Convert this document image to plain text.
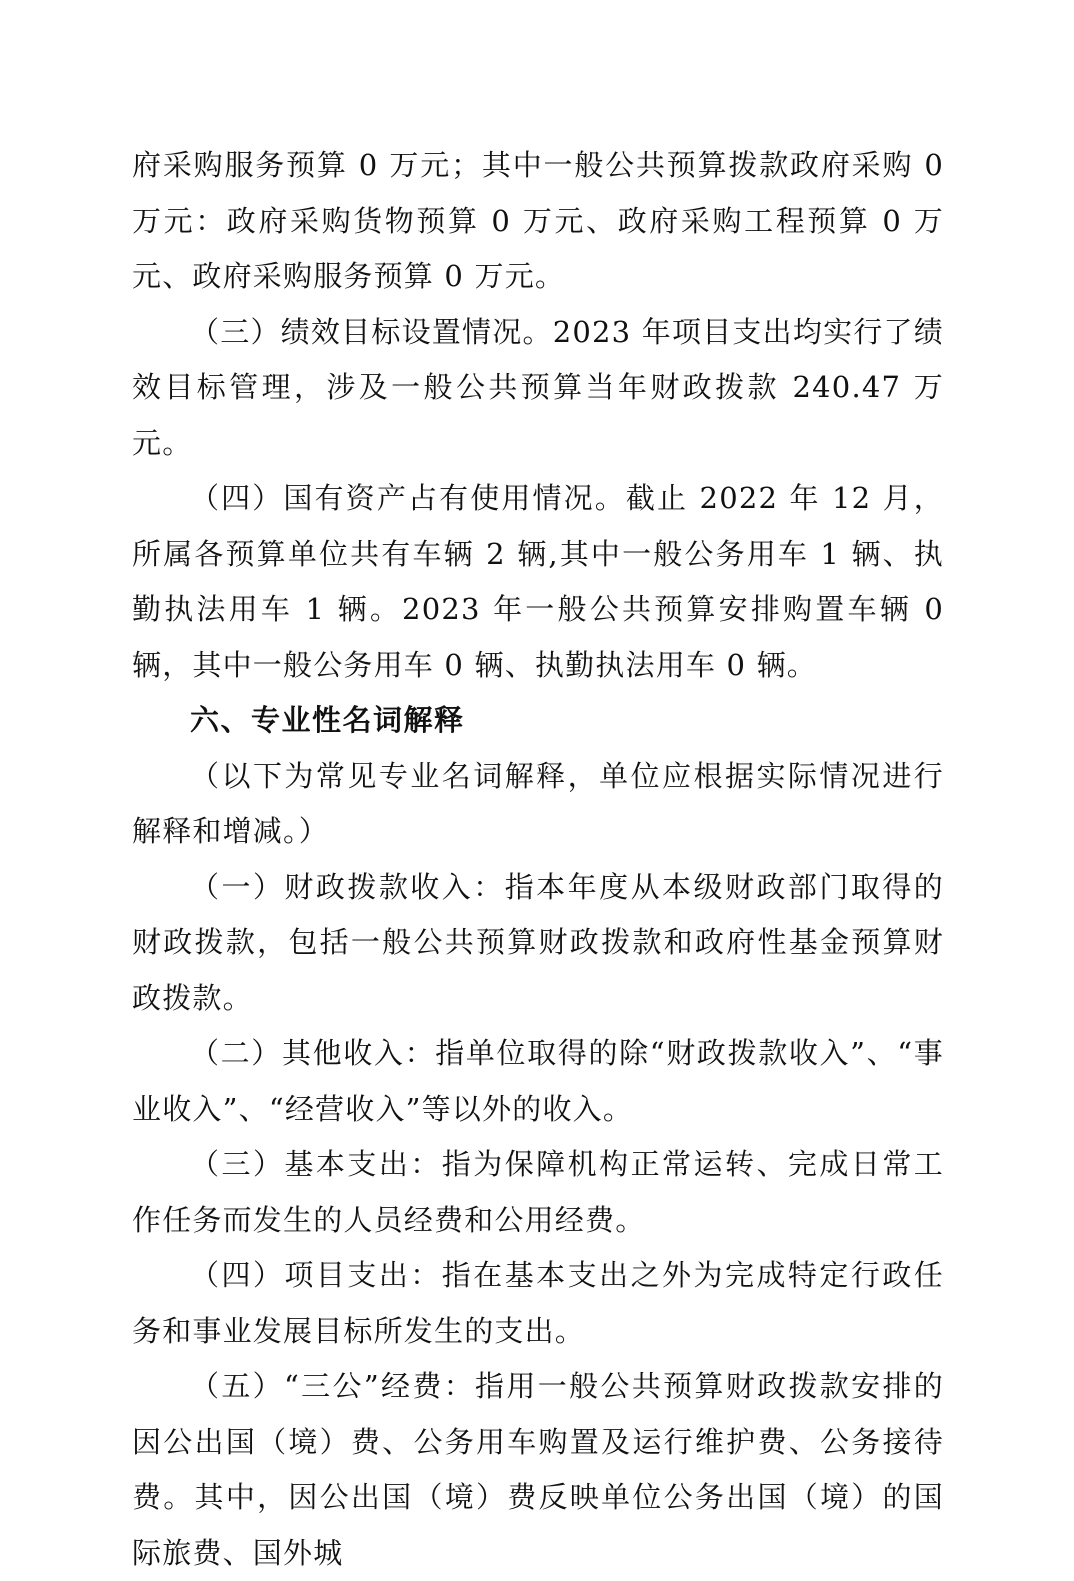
府采购服务预算 0 万元；其中一般公共预算拨款政府采购 0 万元：政府采购货物预算 0 万元、政府采购工程预算 0 万元、政府采购服务预算 0 万元。

（三）绩效目标设置情况。2023 年项目支出均实行了绩效目标管理，涉及一般公共预算当年财政拨款 240.47 万元。

（四）国有资产占有使用情况。截止 2022 年 12 月，所属各预算单位共有车辆 2 辆,其中一般公务用车 1 辆、执勤执法用车 1 辆。2023 年一般公共预算安排购置车辆 0 辆，其中一般公务用车 0 辆、执勤执法用车 0 辆。

六、专业性名词解释

（以下为常见专业名词解释，单位应根据实际情况进行解释和增减。）

（一）财政拨款收入：指本年度从本级财政部门取得的财政拨款，包括一般公共预算财政拨款和政府性基金预算财政拨款。

（二）其他收入：指单位取得的除“财政拨款收入”、“事业收入”、“经营收入”等以外的收入。

（三）基本支出：指为保障机构正常运转、完成日常工作任务而发生的人员经费和公用经费。

（四）项目支出：指在基本支出之外为完成特定行政任务和事业发展目标所发生的支出。

（五）“三公”经费：指用一般公共预算财政拨款安排的因公出国（境）费、公务用车购置及运行维护费、公务接待费。其中，因公出国（境）费反映单位公务出国（境）的国际旅费、国外城
